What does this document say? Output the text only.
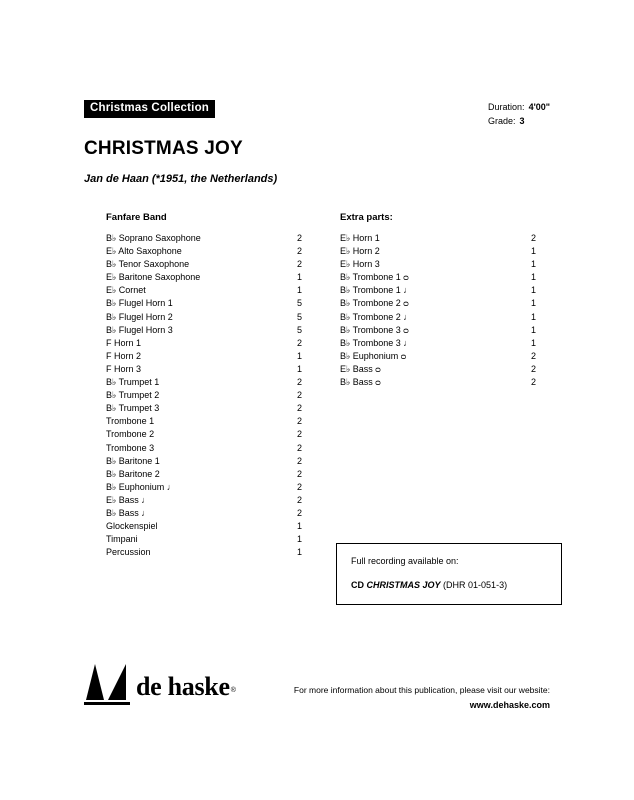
Christmas Collection	Duration: 4'00"
Grade: 3
CHRISTMAS JOY
Jan de Haan (*1951, the Netherlands)
Fanfare Band
B♭ Soprano Saxophone	2
E♭ Alto Saxophone	2
B♭ Tenor Saxophone	2
E♭ Baritone Saxophone	1
E♭ Cornet	1
B♭ Flugel Horn 1	5
B♭ Flugel Horn 2	5
B♭ Flugel Horn 3	5
F Horn 1	2
F Horn 2	1
F Horn 3	1
B♭ Trumpet 1	2
B♭ Trumpet 2	2
B♭ Trumpet 3	2
Trombone 1	2
Trombone 2	2
Trombone 3	2
B♭ Baritone 1	2
B♭ Baritone 2	2
B♭ Euphonium ♩	2
E♭ Bass ♩	2
B♭ Bass ♩	2
Glockenspiel	1
Timpani	1
Percussion	1
Extra parts:
E♭ Horn 1	2
E♭ Horn 2	1
E♭ Horn 3	1
B♭ Trombone 1 ᴑ	1
B♭ Trombone 1 ♩	1
B♭ Trombone 2 ᴑ	1
B♭ Trombone 2 ♩	1
B♭ Trombone 3 ᴑ	1
B♭ Trombone 3 ♩	1
B♭ Euphonium ᴑ	2
E♭ Bass ᴑ	2
B♭ Bass ᴑ	2
Full recording available on:
CD CHRISTMAS JOY (DHR 01-051-3)
de haske ®	For more information about this publication, please visit our website:
www.dehaske.com
